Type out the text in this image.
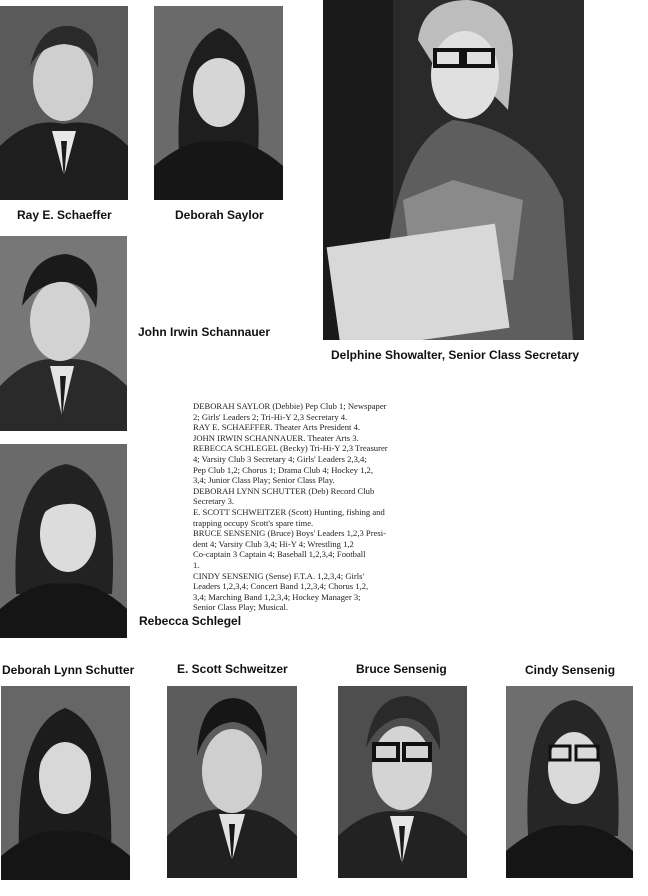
Ray E. Schaeffer	Deborah Saylor
Delphine Showalter, Senior Class Secretary
John Irwin Schannauer
Rebecca Schlegel
DEBORAH SAYLOR (Debbie) Pep Club 1; Newspaper
2; Girls' Leaders 2; Tri-Hi-Y 2,3 Secretary 4.
RAY E. SCHAEFFER. Theater Arts President 4.
JOHN IRWIN SCHANNAUER. Theater Arts 3.
REBECCA SCHLEGEL (Becky) Tri-Hi-Y 2,3 Treasurer
4; Varsity Club 3 Secretary 4; Girls' Leaders 2,3,4;
Pep Club 1,2; Chorus 1; Drama Club 4; Hockey 1,2,
3,4; Junior Class Play; Senior Class Play.
DEBORAH LYNN SCHUTTER (Deb) Record Club
Secretary 3.
E. SCOTT SCHWEITZER (Scott) Hunting, fishing and
trapping occupy Scott's spare time.
BRUCE SENSENIG (Bruce) Boys' Leaders 1,2,3 Presi-
dent 4; Varsity Club 3,4; Hi-Y 4; Wrestling 1,2
Co-captain 3 Captain 4; Baseball 1,2,3,4; Football
1.
CINDY SENSENIG (Sense) F.T.A. 1,2,3,4; Girls'
Leaders 1,2,3,4; Concert Band 1,2,3,4; Chorus 1,2,
3,4; Marching Band 1,2,3,4; Hockey Manager 3;
Senior Class Play; Musical.
Deborah Lynn Schutter	E. Scott Schweitzer	Bruce Sensenig	Cindy Sensenig
